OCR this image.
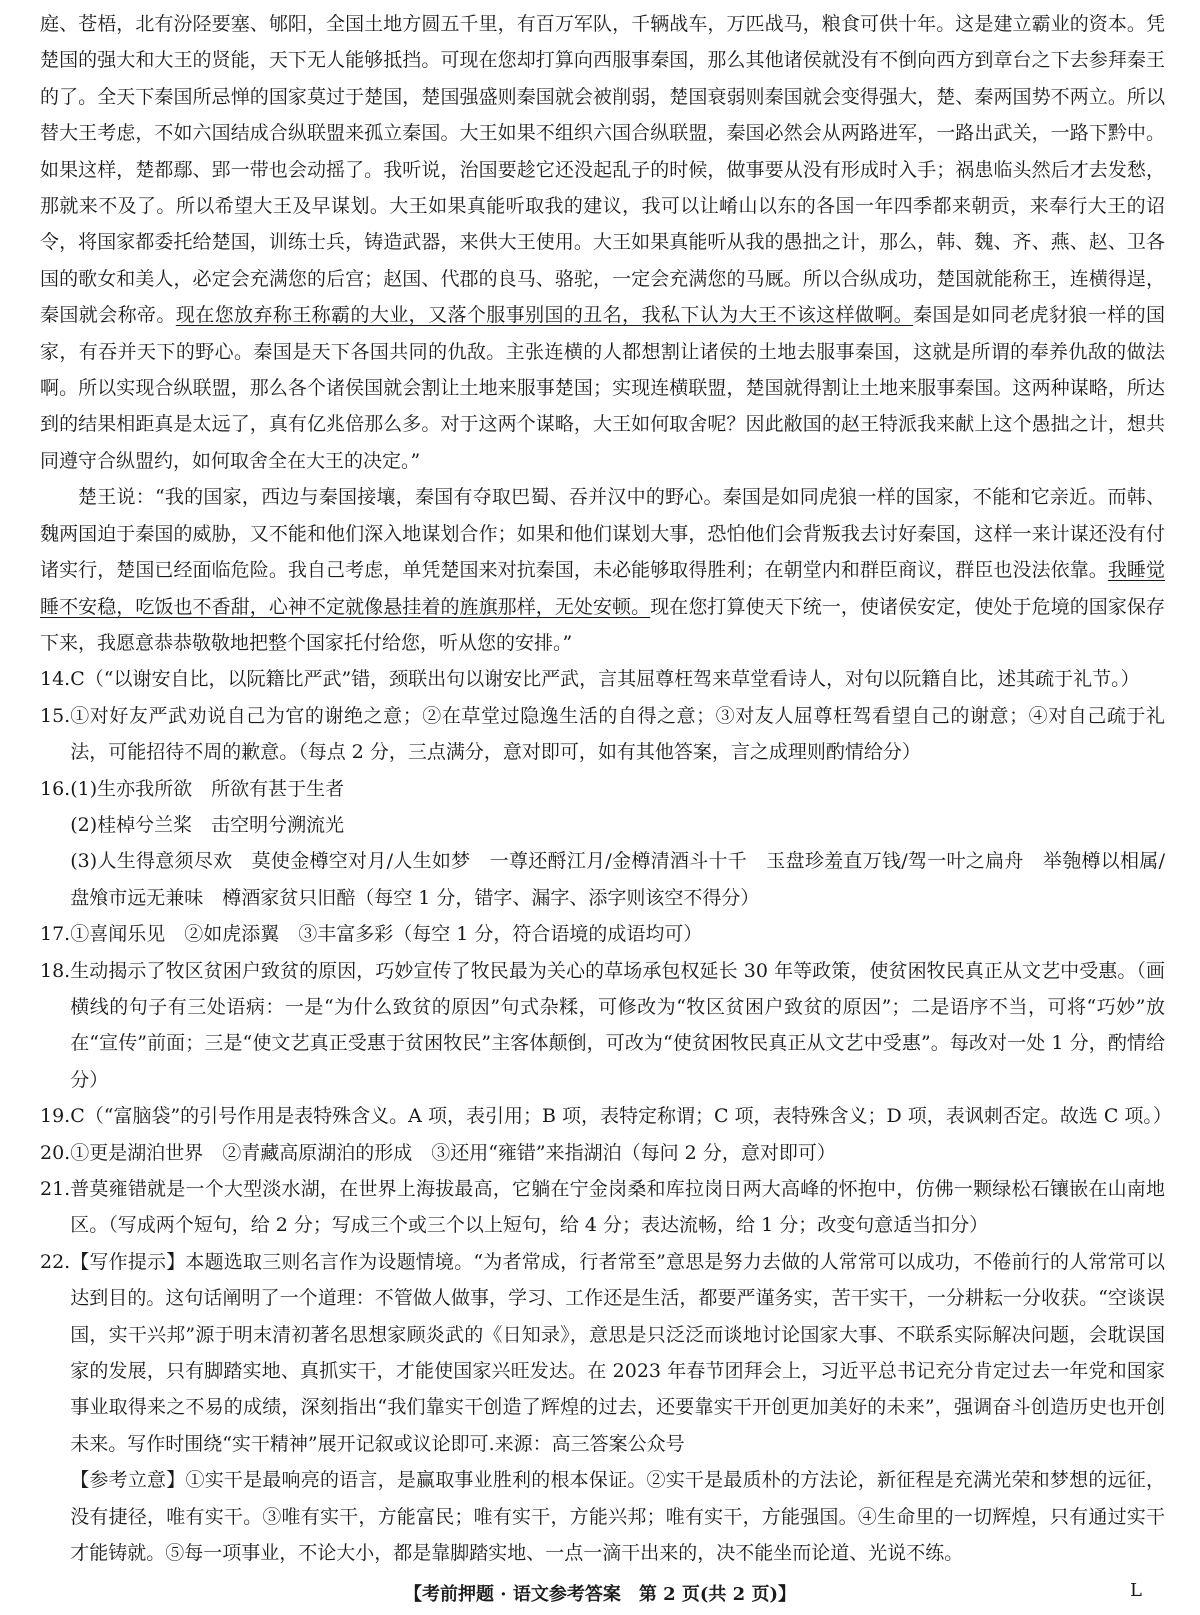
庭、苍梧，北有汾陉要塞、郇阳，全国土地方圆五千里，有百万军队，千辆战车，万匹战马，粮食可供十年。这是建立霸业的资本。凭楚国的强大和大王的贤能，天下无人能够抵挡。可现在您却打算向西服事秦国，那么其他诸侯就没有不倒向西方到章台之下去参拜秦王的了。全天下秦国所忌惮的国家莫过于楚国，楚国强盛则秦国就会被削弱，楚国衰弱则秦国就会变得强大，楚、秦两国势不两立。所以替大王考虑，不如六国结成合纵联盟来孤立秦国。大王如果不组织六国合纵联盟，秦国必然会从两路进军，一路出武关，一路下黔中。如果这样，楚都鄢、郢一带也会动摇了。我听说，治国要趁它还没起乱子的时候，做事要从没有形成时入手；祸患临头然后才去发愁，那就来不及了。所以希望大王及早谋划。大王如果真能听取我的建议，我可以让崤山以东的各国一年四季都来朝贡，来奉行大王的诏令，将国家都委托给楚国，训练士兵，铸造武器，来供大王使用。大王如果真能听从我的愚拙之计，那么，韩、魏、齐、燕、赵、卫各国的歌女和美人，必定会充满您的后宫；赵国、代郡的良马、骆驼，一定会充满您的马厩。所以合纵成功，楚国就能称王，连横得逞，秦国就会称帝。现在您放弃称王称霸的大业，又落个服事别国的丑名，我私下认为大王不该这样做啊。秦国是如同老虎豺狼一样的国家，有吞并天下的野心。秦国是天下各国共同的仇敌。主张连横的人都想割让诸侯的土地去服事秦国，这就是所谓的奉养仇敌的做法啊。所以实现合纵联盟，那么各个诸侯国就会割让土地来服事楚国；实现连横联盟，楚国就得割让土地来服事秦国。这两种谋略，所达到的结果相距真是太远了，真有亿兆倍那么多。对于这两个谋略，大王如何取舍呢？因此敝国的赵王特派我来献上这个愚拙之计，想共同遵守合纵盟约，如何取舍全在大王的决定。”

楚王说：“我的国家，西边与秦国接壤，秦国有夺取巴蜀、吞并汉中的野心。秦国是如同虎狼一样的国家，不能和它亲近。而韩、魏两国迫于秦国的威胁，又不能和他们深入地谋划合作；如果和他们谋划大事，恐怕他们会背叛我去讨好秦国，这样一来计谋还没有付诸实行，楚国已经面临危险。我自己考虑，单凭楚国来对抗秦国，未必能够取得胜利；在朝堂内和群臣商议，群臣也没法依靠。我睡觉睡不安稳，吃饭也不香甜，心神不定就像悬挂着的旌旗那样，无处安顿。现在您打算使天下统一，使诸侯安定，使处于危境的国家保存下来，我愿意恭恭敬敬地把整个国家托付给您，听从您的安排。”

14. C（“以谢安自比，以阮籍比严武”错，颈联出句以谢安比严武，言其屈尊枉驾来草堂看诗人，对句以阮籍自比，述其疏于礼节。）
15. ①对好友严武劝说自己为官的谢绝之意；②在草堂过隐逸生活的自得之意；③对友人屈尊枉驾看望自己的谢意；④对自己疏于礼法，可能招待不周的歉意。（每点 2 分，三点满分，意对即可，如有其他答案，言之成理则酌情给分）
16. (1)生亦我所欲　所欲有甚于生者

(2)桂棹兮兰桨　击空明兮溯流光

(3)人生得意须尽欢　莫使金樽空对月/人生如梦　一尊还酹江月/金樽清酒斗十千　玉盘珍羞直万钱/驾一叶之扁舟　举匏樽以相属/盘飧市远无兼味　樽酒家贫只旧醅（每空 1 分，错字、漏字、添字则该空不得分）

17. ①喜闻乐见　②如虎添翼　③丰富多彩（每空 1 分，符合语境的成语均可）
18. 生动揭示了牧区贫困户致贫的原因，巧妙宣传了牧民最为关心的草场承包权延长 30 年等政策，使贫困牧民真正从文艺中受惠。（画横线的句子有三处语病：一是“为什么致贫的原因”句式杂糅，可修改为“牧区贫困户致贫的原因”；二是语序不当，可将“巧妙”放在“宣传”前面；三是“使文艺真正受惠于贫困牧民”主客体颠倒，可改为“使贫困牧民真正从文艺中受惠”。每改对一处 1 分，酌情给分）
19. C（“富脑袋”的引号作用是表特殊含义。A 项，表引用；B 项，表特定称谓；C 项，表特殊含义；D 项，表讽刺否定。故选 C 项。）
20. ①更是湖泊世界　②青藏高原湖泊的形成　③还用“雍错”来指湖泊（每问 2 分，意对即可）
21. 普莫雍错就是一个大型淡水湖，在世界上海拔最高，它躺在宁金岗桑和库拉岗日两大高峰的怀抱中，仿佛一颗绿松石镶嵌在山南地区。（写成两个短句，给 2 分；写成三个或三个以上短句，给 4 分；表达流畅，给 1 分；改变句意适当扣分）
22. 【写作提示】本题选取三则名言作为设题情境。“为者常成，行者常至”意思是努力去做的人常常可以成功，不倦前行的人常常可以达到目的。这句话阐明了一个道理：不管做人做事，学习、工作还是生活，都要严谨务实，苦干实干，一分耕耘一分收获。“空谈误国，实干兴邦”源于明末清初著名思想家顾炎武的《日知录》，意思是只泛泛而谈地讨论国家大事、不联系实际解决问题，会耽误国家的发展，只有脚踏实地、真抓实干，才能使国家兴旺发达。在 2023 年春节团拜会上，习近平总书记充分肯定过去一年党和国家事业取得来之不易的成绩，深刻指出“我们靠实干创造了辉煌的过去，还要靠实干开创更加美好的未来”，强调奋斗创造历史也开创未来。写作时围绕“实干精神”展开记叙或议论即可.来源：高三答案公众号

【参考立意】①实干是最响亮的语言，是赢取事业胜利的根本保证。②实干是最质朴的方法论，新征程是充满光荣和梦想的远征，没有捷径，唯有实干。③唯有实干，方能富民；唯有实干，方能兴邦；唯有实干，方能强国。④生命里的一切辉煌，只有通过实干才能铸就。⑤每一项事业，不论大小，都是靠脚踏实地、一点一滴干出来的，决不能坐而论道、光说不练。

【考前押题 · 语文参考答案　第 2 页(共 2 页)】	L
